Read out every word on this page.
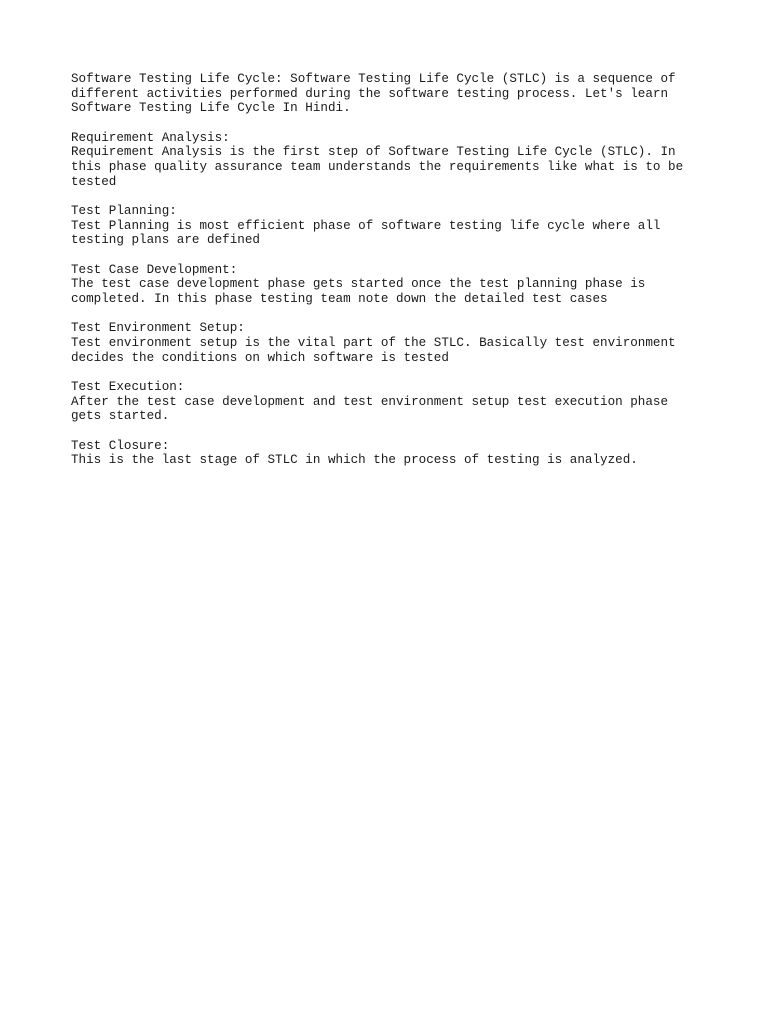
Software Testing Life Cycle: Software Testing Life Cycle (STLC) is a sequence of
different activities performed during the software testing process. Let's learn
Software Testing Life Cycle In Hindi.
Requirement Analysis:
Requirement Analysis is the first step of Software Testing Life Cycle (STLC). In
this phase quality assurance team understands the requirements like what is to be
tested
Test Planning:
Test Planning is most efficient phase of software testing life cycle where all
testing plans are defined
Test Case Development:
The test case development phase gets started once the test planning phase is
completed. In this phase testing team note down the detailed test cases
Test Environment Setup:
Test environment setup is the vital part of the STLC. Basically test environment
decides the conditions on which software is tested
Test Execution:
After the test case development and test environment setup test execution phase
gets started.
Test Closure:
This is the last stage of STLC in which the process of testing is analyzed.
